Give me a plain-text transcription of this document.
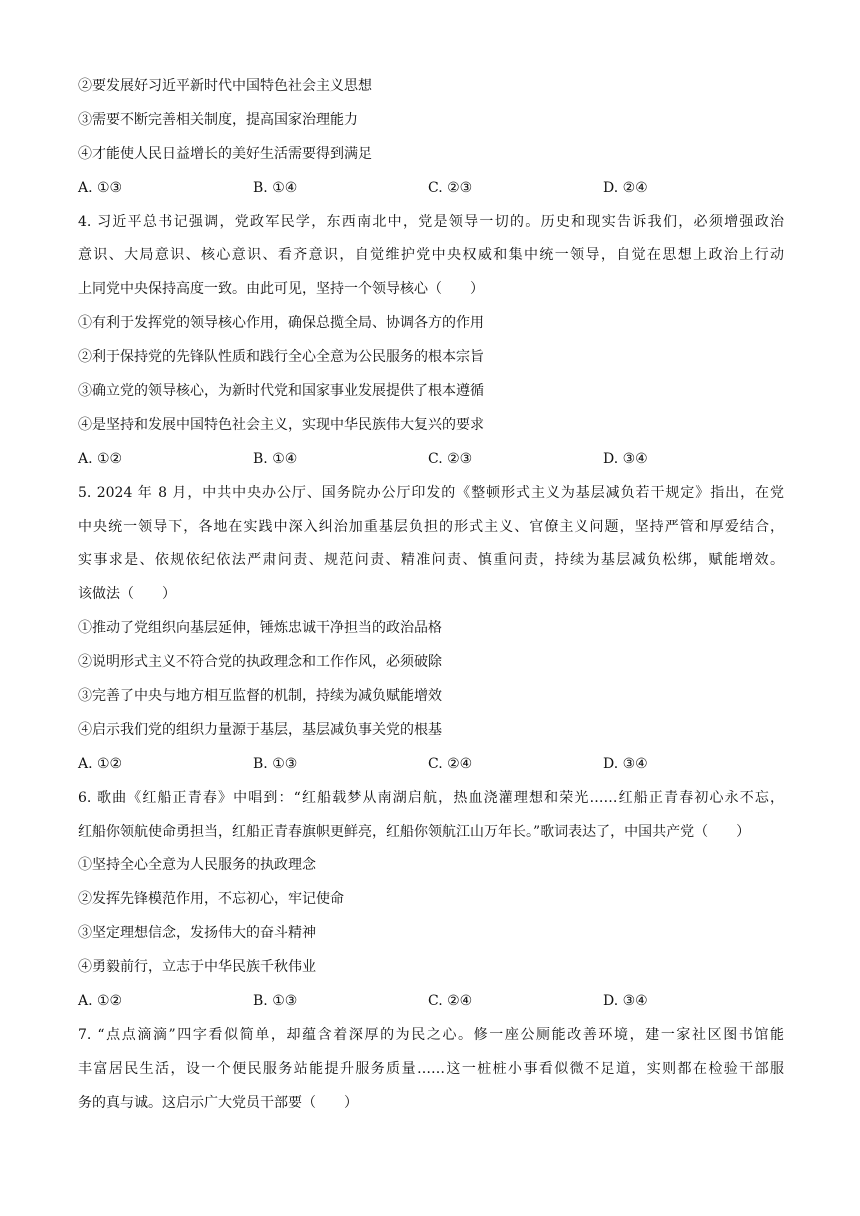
②要发展好习近平新时代中国特色社会主义思想
③需要不断完善相关制度，提高国家治理能力
④才能使人民日益增长的美好生活需要得到满足
A. ①③	B. ①④	C. ②③	D. ②④
4. 习近平总书记强调，党政军民学，东西南北中，党是领导一切的。历史和现实告诉我们，必须增强政治
意识、大局意识、核心意识、看齐意识，自觉维护党中央权威和集中统一领导，自觉在思想上政治上行动
上同党中央保持高度一致。由此可见，坚持一个领导核心（　　）
①有利于发挥党的领导核心作用，确保总揽全局、协调各方的作用
②利于保持党的先锋队性质和践行全心全意为公民服务的根本宗旨
③确立党的领导核心，为新时代党和国家事业发展提供了根本遵循
④是坚持和发展中国特色社会主义，实现中华民族伟大复兴的要求
A. ①②	B. ①④	C. ②③	D. ③④
5. 2024 年 8 月，中共中央办公厅、国务院办公厅印发的《整顿形式主义为基层减负若干规定》指出，在党
中央统一领导下，各地在实践中深入纠治加重基层负担的形式主义、官僚主义问题，坚持严管和厚爱结合，
实事求是、依规依纪依法严肃问责、规范问责、精准问责、慎重问责，持续为基层减负松绑，赋能增效。
该做法（　　）
①推动了党组织向基层延伸，锤炼忠诚干净担当的政治品格
②说明形式主义不符合党的执政理念和工作作风，必须破除
③完善了中央与地方相互监督的机制，持续为减负赋能增效
④启示我们党的组织力量源于基层，基层减负事关党的根基
A. ①②	B. ①③	C. ②④	D. ③④
6. 歌曲《红船正青春》中唱到：“红船载梦从南湖启航，热血浇灌理想和荣光……红船正青春初心永不忘，
红船你领航使命勇担当，红船正青春旗帜更鲜亮，红船你领航江山万年长。”歌词表达了，中国共产党（　　）
①坚持全心全意为人民服务的执政理念
②发挥先锋模范作用，不忘初心，牢记使命
③坚定理想信念，发扬伟大的奋斗精神
④勇毅前行，立志于中华民族千秋伟业
A. ①②	B. ①③	C. ②④	D. ③④
7. “点点滴滴”四字看似简单，却蕴含着深厚的为民之心。修一座公厕能改善环境，建一家社区图书馆能
丰富居民生活，设一个便民服务站能提升服务质量……这一桩桩小事看似微不足道，实则都在检验干部服
务的真与诚。这启示广大党员干部要（　　）
